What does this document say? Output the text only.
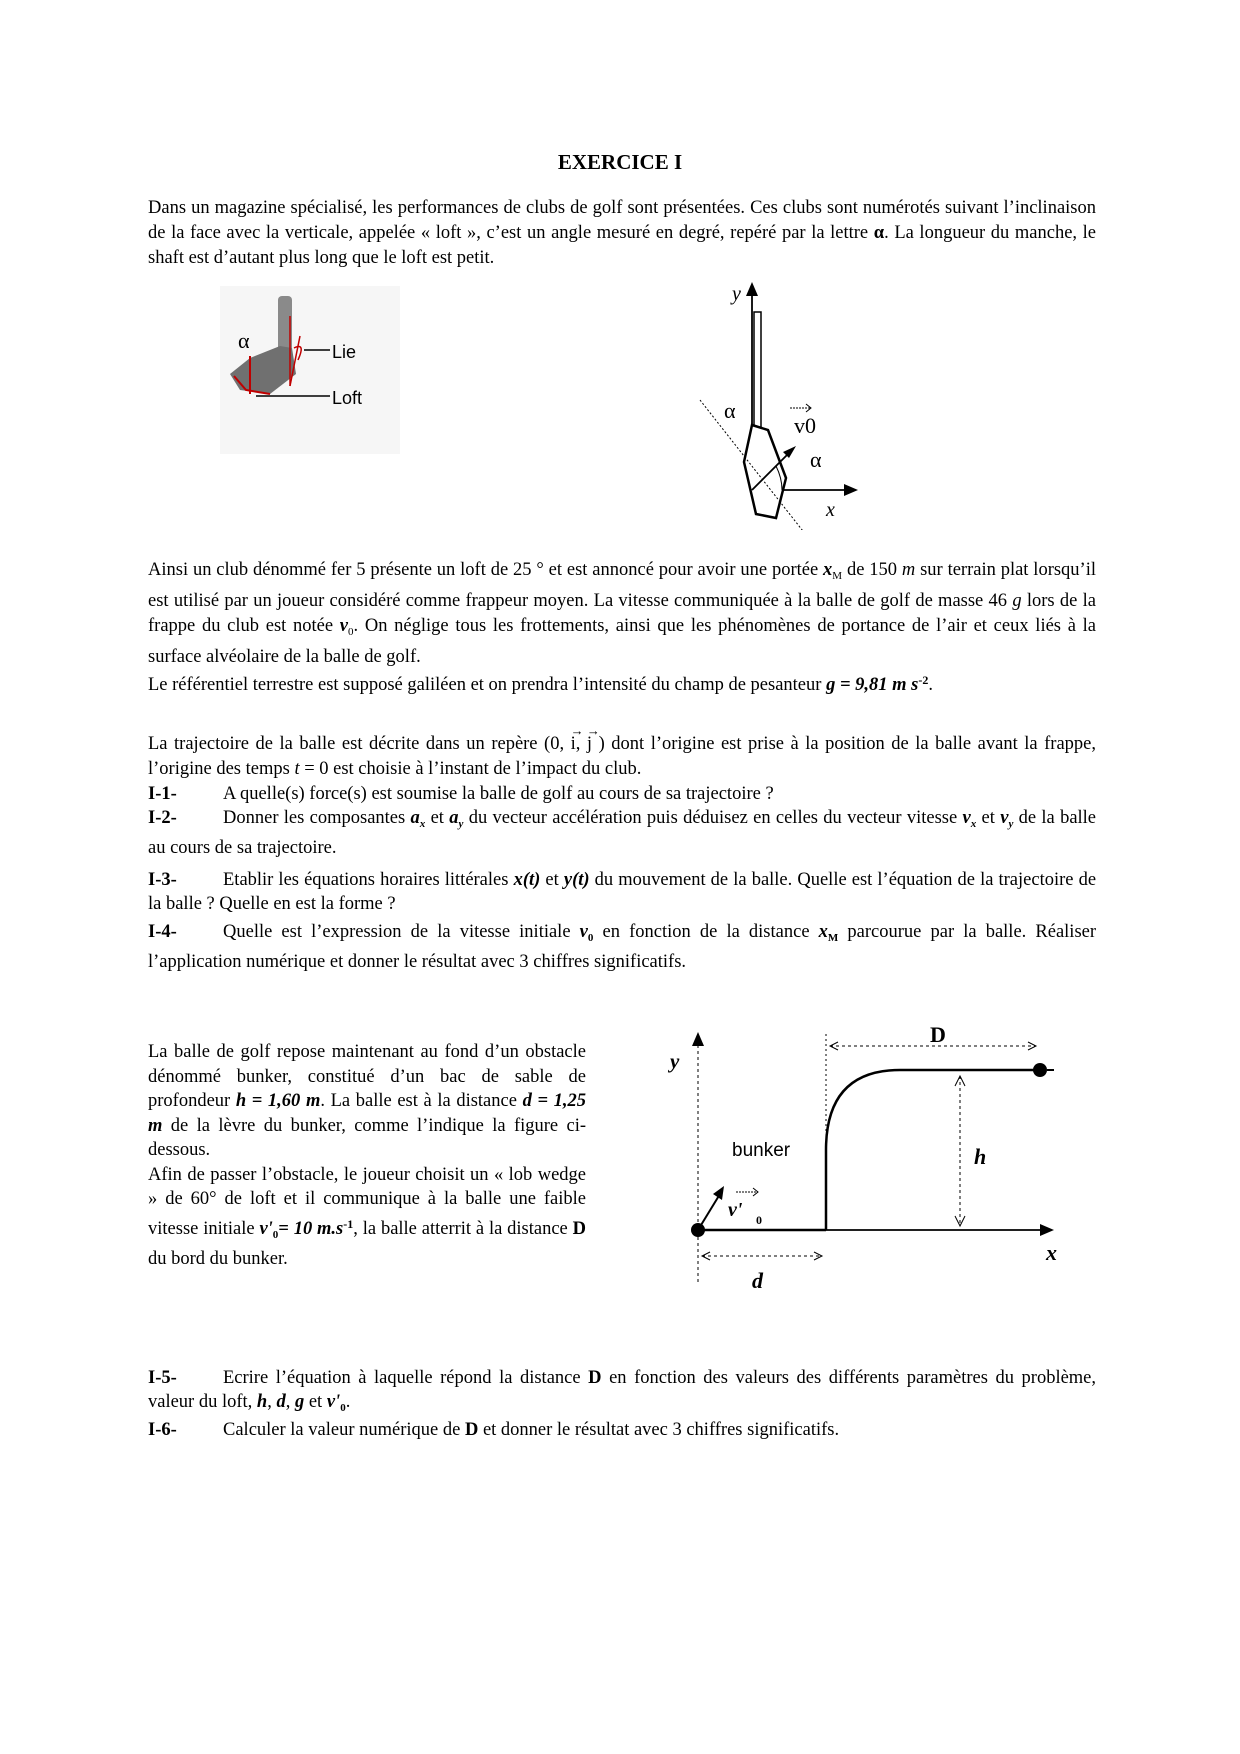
EXERCICE I
Dans un magazine spécialisé, les performances de clubs de golf sont présentées. Ces clubs sont numérotés suivant l’inclinaison de la face avec la verticale, appelée « loft », c’est un angle mesuré en degré, repéré par la lettre α. La longueur du manche, le shaft est d’autant plus long que le loft est petit.
α	Lie
Loft
y
x
α
α
v0
Ainsi un club dénommé fer 5 présente un loft de 25 ° et est annoncé pour avoir une portée $x_M$ de 150 m sur terrain plat lorsqu’il est utilisé par un joueur considéré comme frappeur moyen. La vitesse communiquée à la balle de golf de masse 46 g lors de la frappe du club est notée $v_0$. On néglige tous les frottements, ainsi que les phénomènes de portance de l’air et ceux liés à la surface alvéolaire de la balle de golf.
Le référentiel terrestre est supposé galiléen et on prendra l’intensité du champ de pesanteur g = 9,81 m $s^{-2}$.
La trajectoire de la balle est décrite dans un repère (0, → i, → j ) dont l’origine est prise à la position de la balle avant la frappe, l’origine des temps t = 0 est choisie à l’instant de l’impact du club.
I-1- A quelle(s) force(s) est soumise la balle de golf au cours de sa trajectoire ?
I-2- Donner les composantes $a_x$ et $a_y$ du vecteur accélération puis déduisez en celles du vecteur vitesse $v_x$ et $v_y$ de la balle au cours de sa trajectoire.
I-3- Etablir les équations horaires littérales x(t) et y(t) du mouvement de la balle. Quelle est l’équation de la trajectoire de la balle ? Quelle en est la forme ?
I-4- Quelle est l’expression de la vitesse initiale $v_0$ en fonction de la distance $x_M$ parcourue par la balle. Réaliser l’application numérique et donner le résultat avec 3 chiffres significatifs.
La balle de golf repose maintenant au fond d’un obstacle dénommé bunker, constitué d’un bac de sable de profondeur h = 1,60 m. La balle est à la distance d = 1,25 m de la lèvre du bunker, comme l’indique la figure ci-dessous.
Afin de passer l’obstacle, le joueur choisit un « lob wedge » de 60° de loft et il communique à la balle une faible vitesse initiale $v'_0= 10$ $m.s^{-1}$, la balle atterrit à la distance D du bord du bunker.
y
x
v' 0
bunker
D
h
d
I-5- Ecrire l’équation à laquelle répond la distance D en fonction des valeurs des différents paramètres du problème, valeur du loft, h, d, g et $v'_0$.
I-6- Calculer la valeur numérique de D et donner le résultat avec 3 chiffres significatifs.
